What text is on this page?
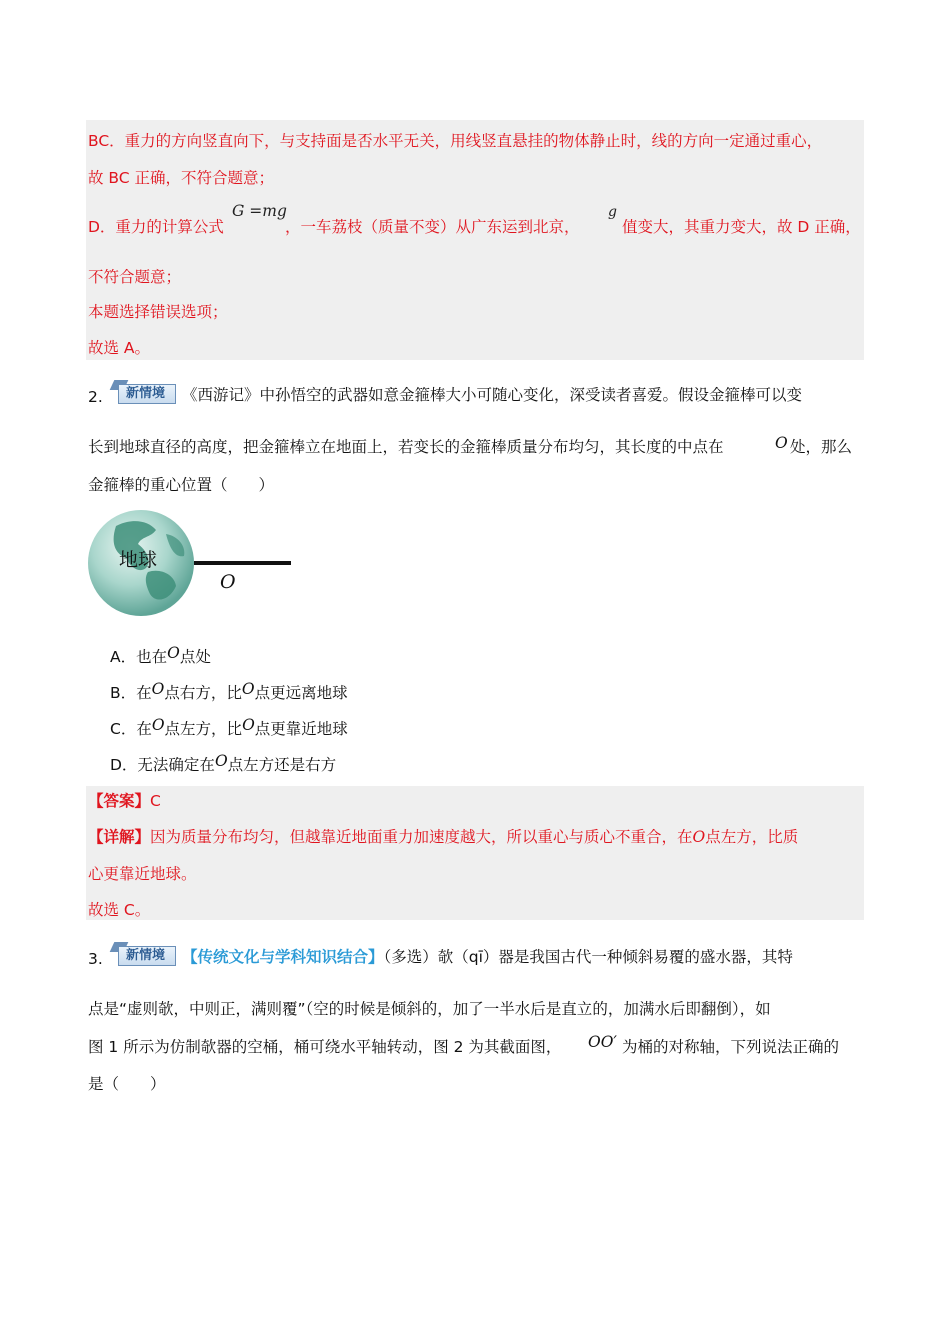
BC．重力的方向竖直向下，与支持面是否水平无关，用线竖直悬挂的物体静止时，线的方向一定通过重心，
故 BC 正确，不符合题意；
D．重力的计算公式
G =mg
，一车荔枝（质量不变）从广东运到北京，
g
值变大，其重力变大，故 D 正确，
不符合题意；
本题选择错误选项；
故选 A。
2. 新情境 《西游记》中孙悟空的武器如意金箍棒大小可随心变化，深受读者喜爱。假设金箍棒可以变
长到地球直径的高度，把金箍棒立在地面上，若变长的金箍棒质量分布均匀，其长度的中点在	O 处，那么
金箍棒的重心位置（　　）
地球
O
A．也在O点处
B．在O点右方，比O点更远离地球
C．在O点左方，比O点更靠近地球
D．无法确定在O点左方还是右方
【答案】C
【详解】因为质量分布均匀，但越靠近地面重力加速度越大，所以重心与质心不重合，在O点左方，比质
心更靠近地球。
故选 C。
3. 新情境 【传统文化与学科知识结合】（多选）欹（qī）器是我国古代一种倾斜易覆的盛水器，其特
点是“虚则欹，中则正，满则覆”（空的时候是倾斜的，加了一半水后是直立的，加满水后即翻倒），如
图 1 所示为仿制欹器的空桶，桶可绕水平轴转动，图 2 为其截面图， OO′ 为桶的对称轴，下列说法正确的
是（　　）
